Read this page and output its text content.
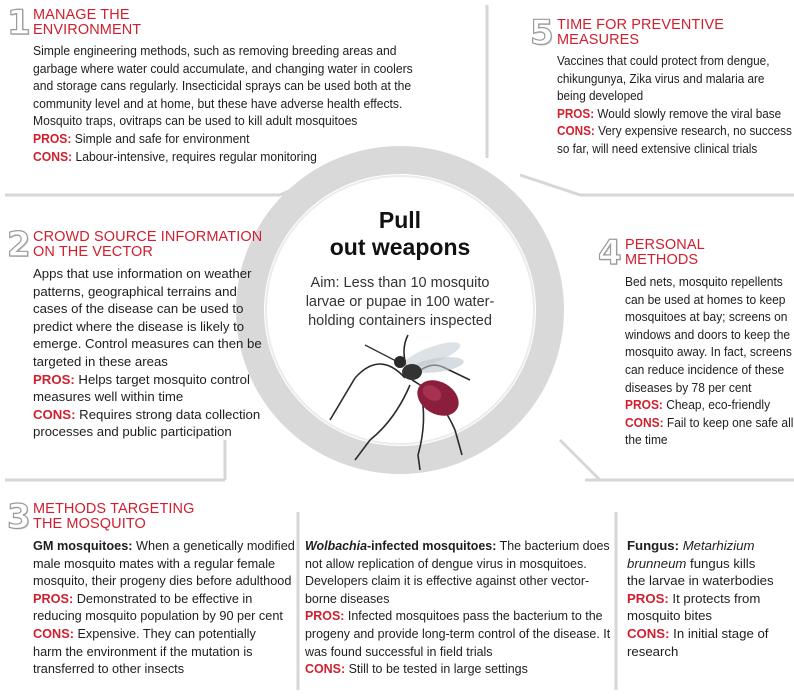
Pull
out weapons
Aim: Less than 10 mosquito larvae or pupae in 100 water-holding containers inspected
1 MANAGE THE
ENVIRONMENT

Simple engineering methods, such as removing breeding areas and

garbage where water could accumulate, and changing water in coolers

and storage cans regularly. Insecticidal sprays can be used both at the

community level and at home, but these have adverse health effects.

Mosquito traps, ovitraps can be used to kill adult mosquitoes

PROS: Simple and safe for environment

CONS: Labour-intensive, requires regular monitoring

2 CROWD SOURCE INFORMATION
ON THE VECTOR

Apps that use information on weather

patterns, geographical terrains and

cases of the disease can be used to

predict where the disease is likely to

emerge. Control measures can then be

targeted in these areas

PROS: Helps target mosquito control

measures well within time

CONS: Requires strong data collection

processes and public participation

5 TIME FOR PREVENTIVE
MEASURES

Vaccines that could protect from dengue,

chikungunya, Zika virus and malaria are

being developed

PROS: Would slowly remove the viral base

CONS: Very expensive research, no success

so far, will need extensive clinical trials

4 PERSONAL
METHODS

Bed nets, mosquito repellents

can be used at homes to keep

mosquitoes at bay; screens on

windows and doors to keep the

mosquito away. In fact, screens

can reduce incidence of these

diseases by 78 per cent

PROS: Cheap, eco-friendly

CONS: Fail to keep one safe all

the time

3 METHODS TARGETING
THE MOSQUITO

GM mosquitoes: When a genetically modified

male mosquito mates with a regular female

mosquito, their progeny dies before adulthood

PROS: Demonstrated to be effective in

reducing mosquito population by 90 per cent

CONS: Expensive. They can potentially

harm the environment if the mutation is

transferred to other insects

Wolbachia-infected mosquitoes: The bacterium does

not allow replication of dengue virus in mosquitoes.

Developers claim it is effective against other vector-

borne diseases

PROS: Infected mosquitoes pass the bacterium to the

progeny and provide long-term control of the disease. It

was found successful in field trials

CONS: Still to be tested in large settings

Fungus: Metarhizium

brunneum fungus kills

the larvae in waterbodies

PROS: It protects from

mosquito bites

CONS: In initial stage of

research
